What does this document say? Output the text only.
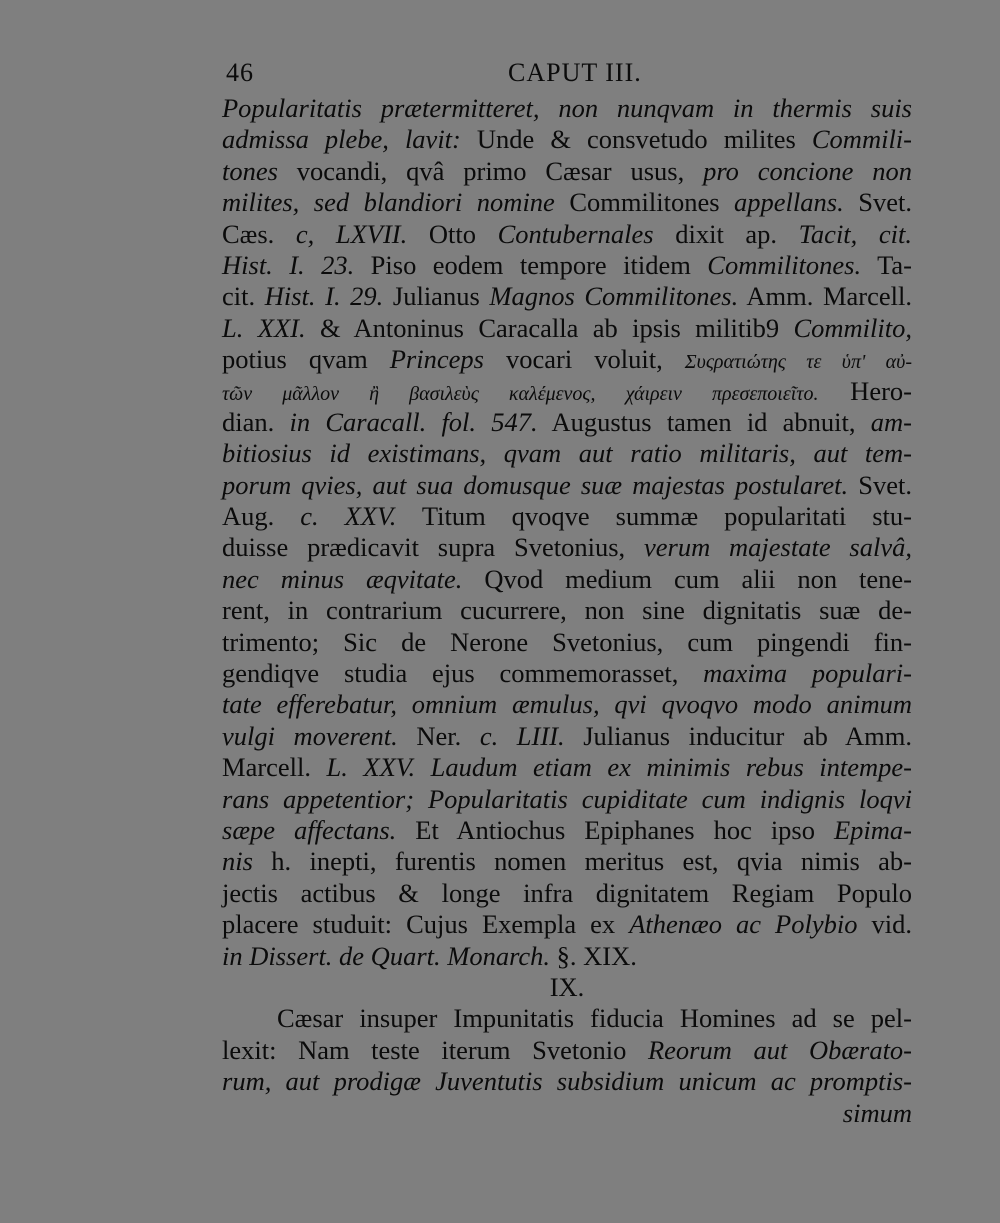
46	CAPUT III.
Popularitatis prætermitteret, non nunqvam in thermis suis
admissa plebe, lavit: Unde & consvetudo milites Commili-
tones vocandi, qvâ primo Cæsar usus, pro concione non
milites, sed blandiori nomine Commilitones appellans. Svet.
Cæs. c, LXVII. Otto Contubernales dixit ap. Tacit, cit.
Hist. I. 23. Piso eodem tempore itidem Commilitones. Ta-
cit. Hist. I. 29. Julianus Magnos Commilitones. Amm. Marcell.
L. XXI. & Antoninus Caracalla ab ipsis militib9 Commilito,
potius qvam Princeps vocari voluit, Συςρατιώτης τε ὑπ' αὐ-
τῶν μᾶλλον ἢ βασιλεὺς καλέμενος, χάιρειν πρεσεποιεῖτο. Hero-
dian. in Caracall. fol. 547. Augustus tamen id abnuit, am-
bitiosius id existimans, qvam aut ratio militaris, aut tem-
porum qvies, aut sua domusque suæ majestas postularet. Svet.
Aug. c. XXV. Titum qvoqve summæ popularitati stu-
duisse prædicavit supra Svetonius, verum majestate salvâ,
nec minus æqvitate. Qvod medium cum alii non tene-
rent, in contrarium cucurrere, non sine dignitatis suæ de-
trimento; Sic de Nerone Svetonius, cum pingendi fin-
gendiqve studia ejus commemorasset, maxima populari-
tate efferebatur, omnium æmulus, qvi qvoqvo modo animum
vulgi moverent. Ner. c. LIII. Julianus inducitur ab Amm.
Marcell. L. XXV. Laudum etiam ex minimis rebus intempe-
rans appetentior; Popularitatis cupiditate cum indignis loqvi
sæpe affectans. Et Antiochus Epiphanes hoc ipso Epima-
nis h. inepti, furentis nomen meritus est, qvia nimis ab-
jectis actibus & longe infra dignitatem Regiam Populo
placere studuit: Cujus Exempla ex Athenæo ac Polybio vid.
in Dissert. de Quart. Monarch. §. XIX.
IX.
Cæsar insuper Impunitatis fiducia Homines ad se pel-
lexit: Nam teste iterum Svetonio Reorum aut Obærato-
rum, aut prodigæ Juventutis subsidium unicum ac promptis-
simum
